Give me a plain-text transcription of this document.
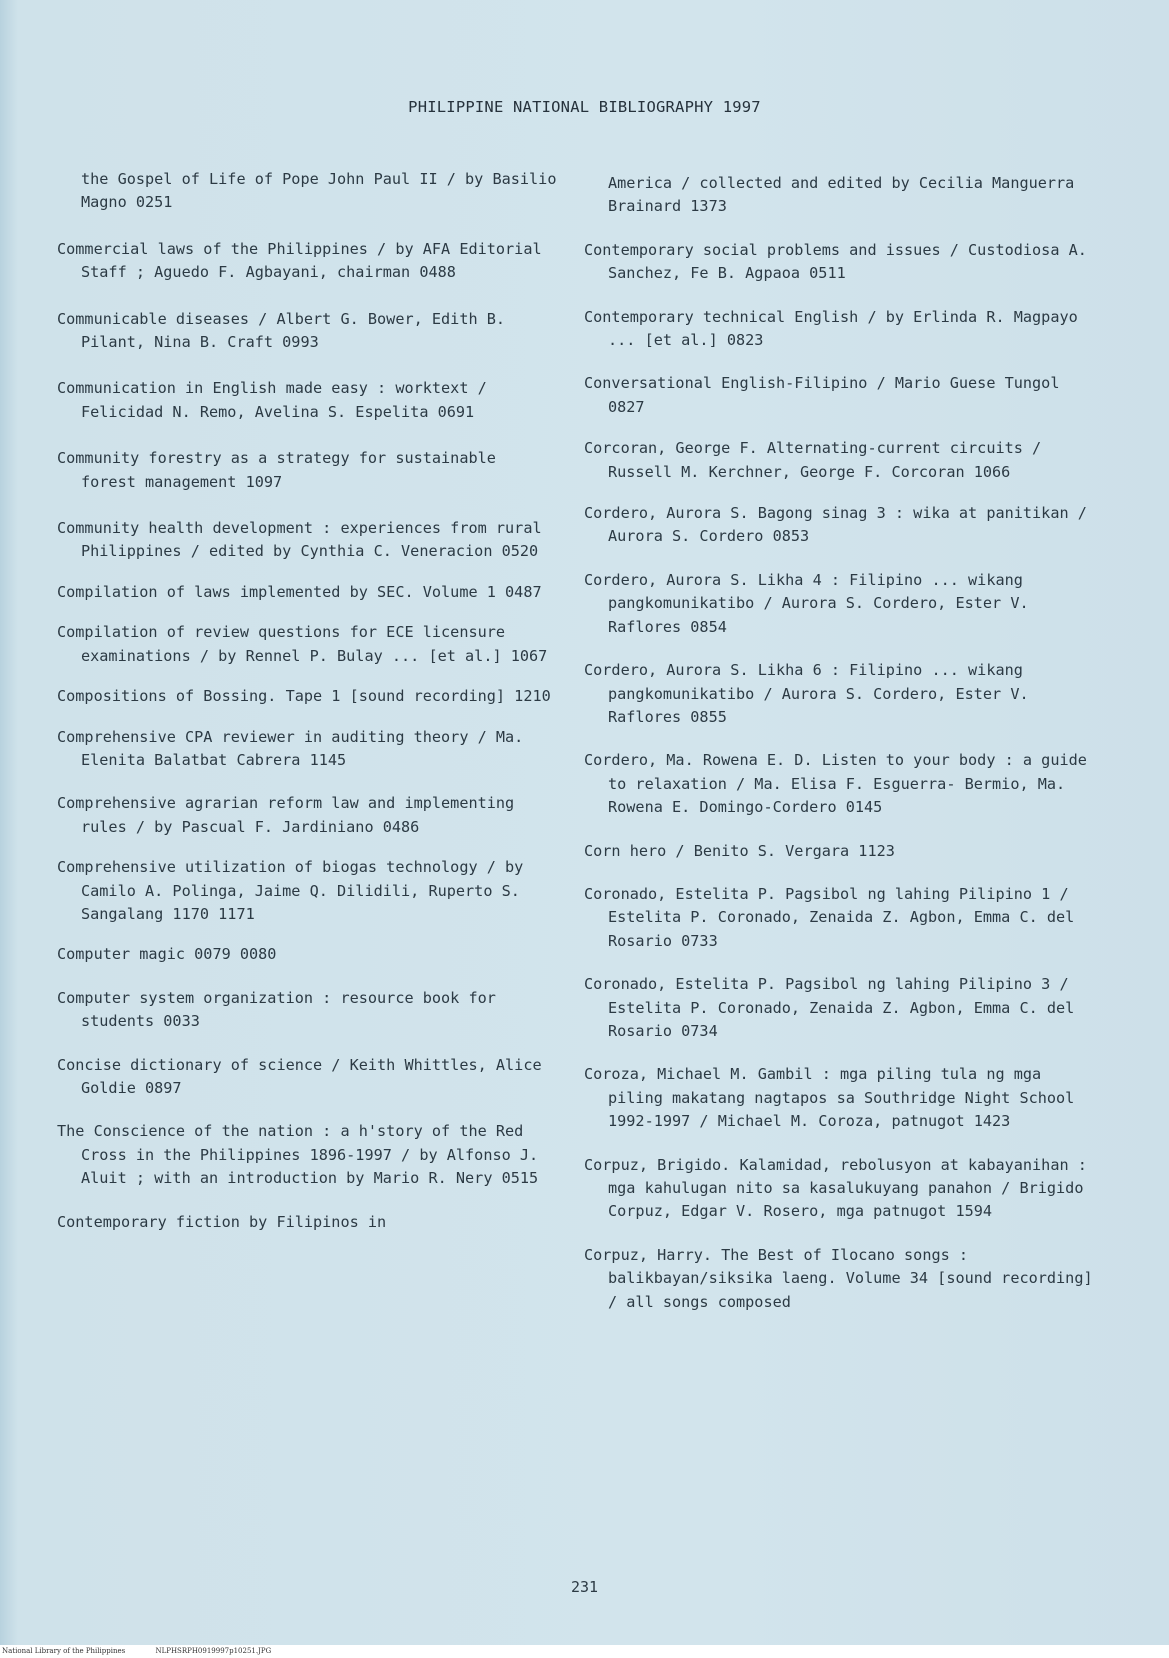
PHILIPPINE NATIONAL BIBLIOGRAPHY 1997
the Gospel of Life of Pope John Paul II / by Basilio Magno 0251
Commercial laws of the Philippines / by AFA Editorial Staff ; Aguedo F. Agbayani, chairman 0488
Communicable diseases / Albert G. Bower, Edith B. Pilant, Nina B. Craft 0993
Communication in English made easy : worktext / Felicidad N. Remo, Avelina S. Espelita 0691
Community forestry as a strategy for sustainable forest management 1097
Community health development : experiences from rural Philippines / edited by Cynthia C. Veneracion 0520
Compilation of laws implemented by SEC. Volume 1 0487
Compilation of review questions for ECE licensure examinations / by Rennel P. Bulay ... [et al.] 1067
Compositions of Bossing. Tape 1 [sound recording] 1210
Comprehensive CPA reviewer in auditing theory / Ma. Elenita Balatbat Cabrera 1145
Comprehensive agrarian reform law and implementing rules / by Pascual F. Jardiniano 0486
Comprehensive utilization of biogas technology / by Camilo A. Polinga, Jaime Q. Dilidili, Ruperto S. Sangalang 1170 1171
Computer magic 0079 0080
Computer system organization : resource book for students 0033
Concise dictionary of science / Keith Whittles, Alice Goldie 0897
The Conscience of the nation : a h'story of the Red Cross in the Philippines 1896-1997 / by Alfonso J. Aluit ; with an introduction by Mario R. Nery 0515
Contemporary fiction by Filipinos in
America / collected and edited by Cecilia Manguerra Brainard 1373
Contemporary social problems and issues / Custodiosa A. Sanchez, Fe B. Agpaoa 0511
Contemporary technical English / by Erlinda R. Magpayo ... [et al.] 0823
Conversational English-Filipino / Mario Guese Tungol 0827
Corcoran, George F. Alternating-current circuits / Russell M. Kerchner, George F. Corcoran 1066
Cordero, Aurora S. Bagong sinag 3 : wika at panitikan / Aurora S. Cordero 0853
Cordero, Aurora S. Likha 4 : Filipino ... wikang pangkomunikatibo / Aurora S. Cordero, Ester V. Raflores 0854
Cordero, Aurora S. Likha 6 : Filipino ... wikang pangkomunikatibo / Aurora S. Cordero, Ester V. Raflores 0855
Cordero, Ma. Rowena E. D. Listen to your body : a guide to relaxation / Ma. Elisa F. Esguerra- Bermio, Ma. Rowena E. Domingo-Cordero 0145
Corn hero / Benito S. Vergara 1123
Coronado, Estelita P. Pagsibol ng lahing Pilipino 1 / Estelita P. Coronado, Zenaida Z. Agbon, Emma C. del Rosario 0733
Coronado, Estelita P. Pagsibol ng lahing Pilipino 3 / Estelita P. Coronado, Zenaida Z. Agbon, Emma C. del Rosario 0734
Coroza, Michael M. Gambil : mga piling tula ng mga piling makatang nagtapos sa Southridge Night School 1992-1997 / Michael M. Coroza, patnugot 1423
Corpuz, Brigido. Kalamidad, rebolusyon at kabayanihan : mga kahulugan nito sa kasalukuyang panahon / Brigido Corpuz, Edgar V. Rosero, mga patnugot 1594
Corpuz, Harry. The Best of Ilocano songs : balikbayan/siksika laeng. Volume 34 [sound recording] / all songs composed
231
National Library of the Philippines	NLPHSRPH0919997p10251.JPG
